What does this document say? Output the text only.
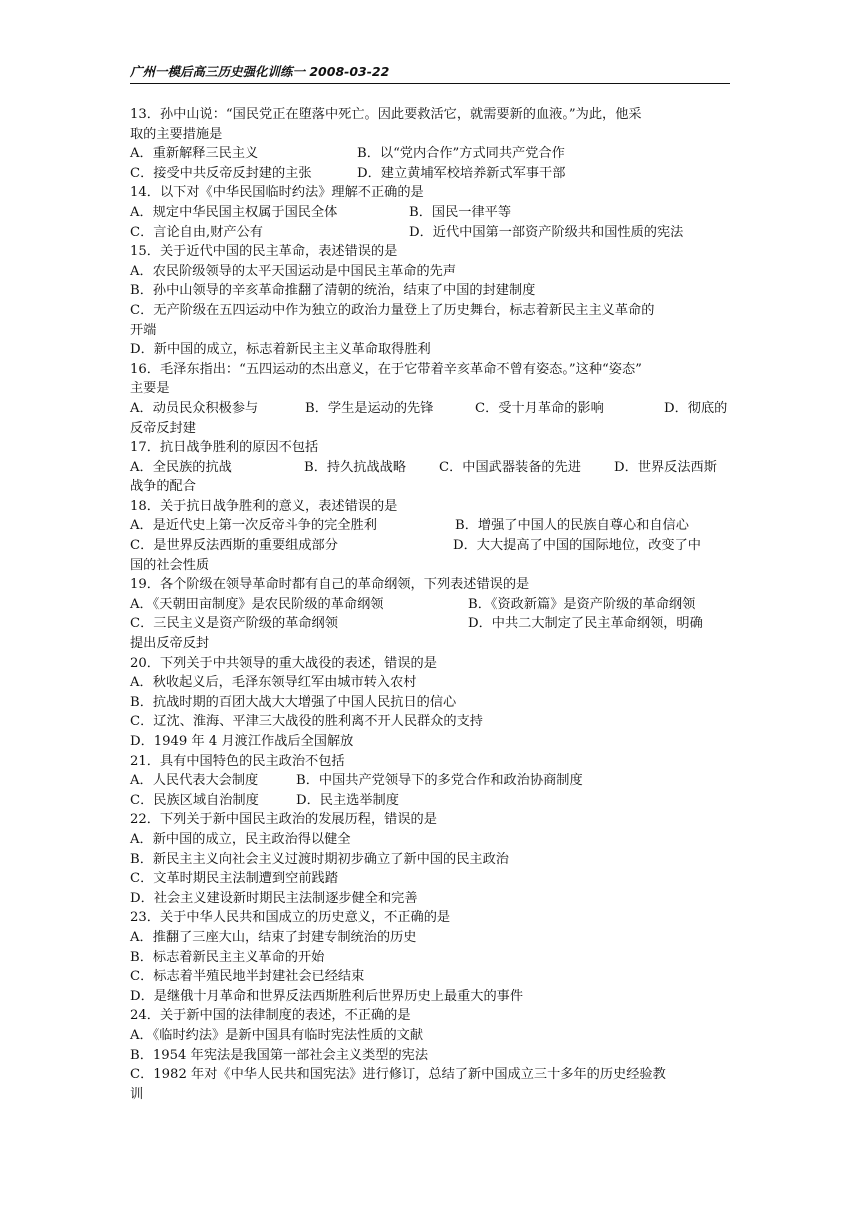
广州一模后高三历史强化训练一 2008-03-22
13．孙中山说：“国民党正在堕落中死亡。因此要救活它，就需要新的血液。”为此，他采
取的主要措施是
A．重新解释三民主义	B．以“党内合作”方式同共产党合作
C．接受中共反帝反封建的主张	D．建立黄埔军校培养新式军事干部
14．以下对《中华民国临时约法》理解不正确的是
A．规定中华民国主权属于国民全体	B．国民一律平等
C．言论自由,财产公有	D．近代中国第一部资产阶级共和国性质的宪法
15．关于近代中国的民主革命，表述错误的是
A．农民阶级领导的太平天国运动是中国民主革命的先声
B．孙中山领导的辛亥革命推翻了清朝的统治，结束了中国的封建制度
C．无产阶级在五四运动中作为独立的政治力量登上了历史舞台，标志着新民主主义革命的
开端
D．新中国的成立，标志着新民主主义革命取得胜利
16．毛泽东指出：“五四运动的杰出意义，在于它带着辛亥革命不曾有姿态。”这种“姿态”
主要是
A．动员民众积极参与	B．学生是运动的先锋	C．受十月革命的影响	D．彻底的
反帝反封建
17．抗日战争胜利的原因不包括
A．全民族的抗战	B．持久抗战战略 C．中国武器装备的先进	D．世界反法西斯
战争的配合
18．关于抗日战争胜利的意义，表述错误的是
A．是近代史上第一次反帝斗争的完全胜利	B．增强了中国人的民族自尊心和自信心
C．是世界反法西斯的重要组成部分	D．大大提高了中国的国际地位，改变了中
国的社会性质
19．各个阶级在领导革命时都有自己的革命纲领，下列表述错误的是
A．《天朝田亩制度》是农民阶级的革命纲领	B．《资政新篇》是资产阶级的革命纲领
C．三民主义是资产阶级的革命纲领	D．中共二大制定了民主革命纲领，明确
提出反帝反封
20．下列关于中共领导的重大战役的表述，错误的是
A．秋收起义后，毛泽东领导红军由城市转入农村
B．抗战时期的百团大战大大增强了中国人民抗日的信心
C．辽沈、淮海、平津三大战役的胜利离不开人民群众的支持
D．1949 年 4 月渡江作战后全国解放
21．具有中国特色的民主政治不包括
A．人民代表大会制度	B．中国共产党领导下的多党合作和政治协商制度
C．民族区域自治制度	D．民主选举制度
22．下列关于新中国民主政治的发展历程，错误的是
A．新中国的成立，民主政治得以健全
B．新民主主义向社会主义过渡时期初步确立了新中国的民主政治
C．文革时期民主法制遭到空前践踏
D．社会主义建设新时期民主法制逐步健全和完善
23．关于中华人民共和国成立的历史意义，不正确的是
A．推翻了三座大山，结束了封建专制统治的历史
B．标志着新民主主义革命的开始
C．标志着半殖民地半封建社会已经结束
D．是继俄十月革命和世界反法西斯胜利后世界历史上最重大的事件
24．关于新中国的法律制度的表述，不正确的是
A．《临时约法》是新中国具有临时宪法性质的文献
B．1954 年宪法是我国第一部社会主义类型的宪法
C．1982 年对《中华人民共和国宪法》进行修订，总结了新中国成立三十多年的历史经验教
训
